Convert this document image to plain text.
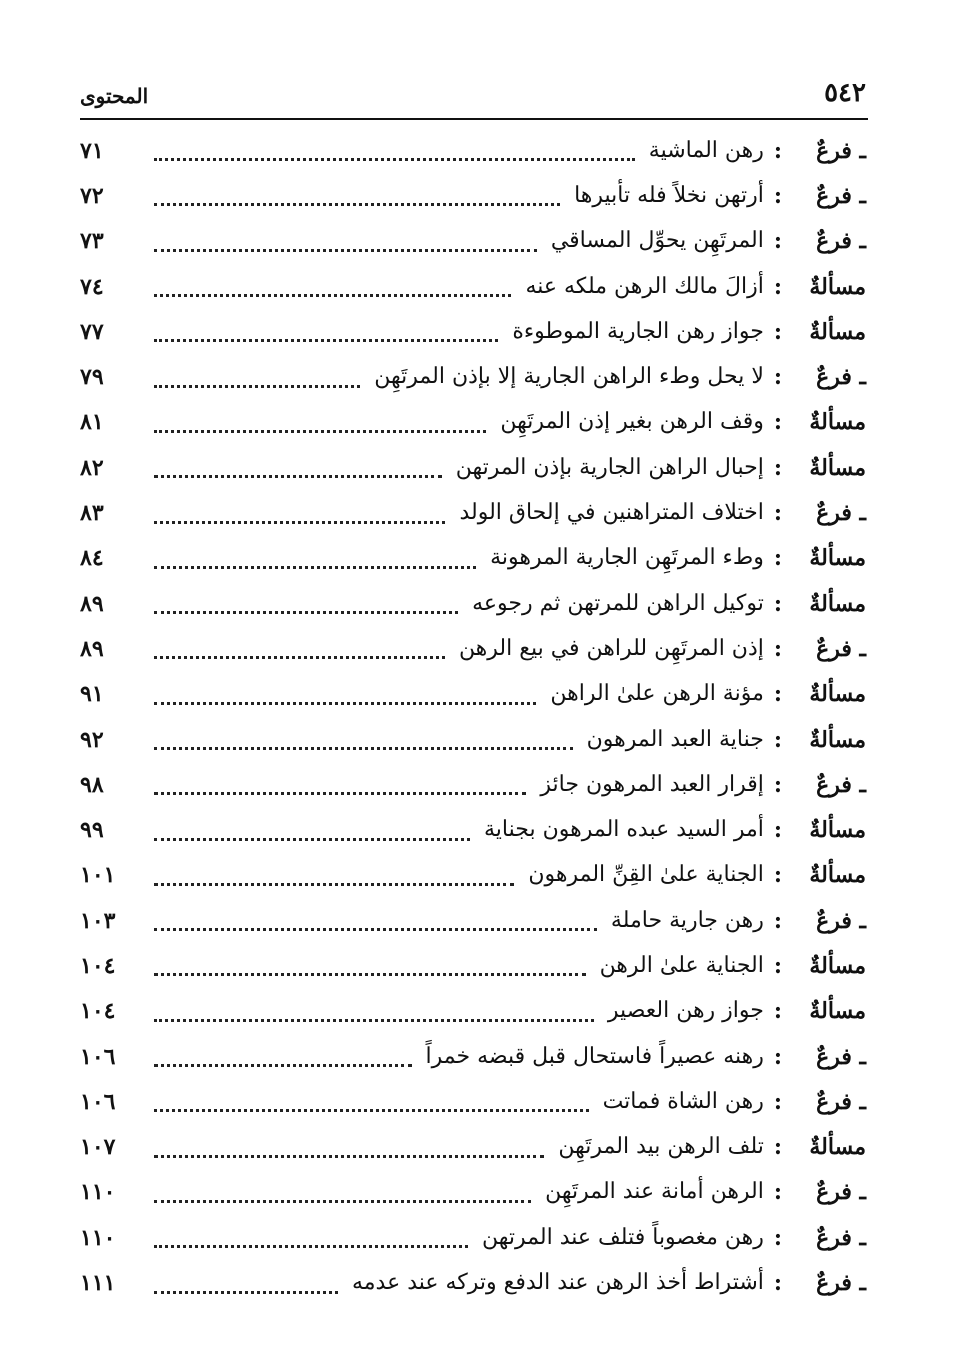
٥٤٢
المحتوى
ـ فرعٌ
:
رهن الماشية
٧١
ـ فرعٌ
:
أرتهن نخلاً فله تأبيرها
٧٢
ـ فرعٌ
:
المرتَهِن يحوِّل المساقي
٧٣
مسألةٌ
:
أزالَ مالك الرهن ملكه عنه
٧٤
مسألةٌ
:
جواز رهن الجارية الموطوءة
٧٧
ـ فرعٌ
:
لا يحل وطء الراهن الجارية إلا بإذن المرتَهِن
٧٩
مسألةٌ
:
وقف الرهن بغير إذن المرتَهِن
٨١
مسألةٌ
:
إحبال الراهن الجارية بإذن المرتهن
٨٢
ـ فرعٌ
:
اختلاف المتراهنين في إلحاق الولد
٨٣
مسألةٌ
:
وطء المرتَهِن الجارية المرهونة
٨٤
مسألةٌ
:
توكيل الراهن للمرتهن ثم رجوعه
٨٩
ـ فرعٌ
:
إذن المرتَهِن للراهن في بيع الرهن
٨٩
مسألةٌ
:
مؤنة الرهن علىٰ الراهن
٩١
مسألةٌ
:
جناية العبد المرهون
٩٢
ـ فرعٌ
:
إقرار العبد المرهون جائز
٩٨
مسألةٌ
:
أمر السيد عبده المرهون بجناية
٩٩
مسألةٌ
:
الجناية علىٰ القِنِّ المرهون
١٠١
ـ فرعٌ
:
رهن جارية حاملة
١٠٣
مسألةٌ
:
الجناية علىٰ الرهن
١٠٤
مسألةٌ
:
جواز رهن العصير
١٠٤
ـ فرعٌ
:
رهنه عصيراً فاستحال قبل قبضه خمراً
١٠٦
ـ فرعٌ
:
رهن الشاة فماتت
١٠٦
مسألةٌ
:
تلف الرهن بيد المرتَهِن
١٠٧
ـ فرعٌ
:
الرهن أمانة عند المرتَهِن
١١٠
ـ فرعٌ
:
رهن مغصوباً فتلف عند المرتهن
١١٠
ـ فرعٌ
:
أشتراط أخذ الرهن عند الدفع وتركه عند عدمه
١١١
